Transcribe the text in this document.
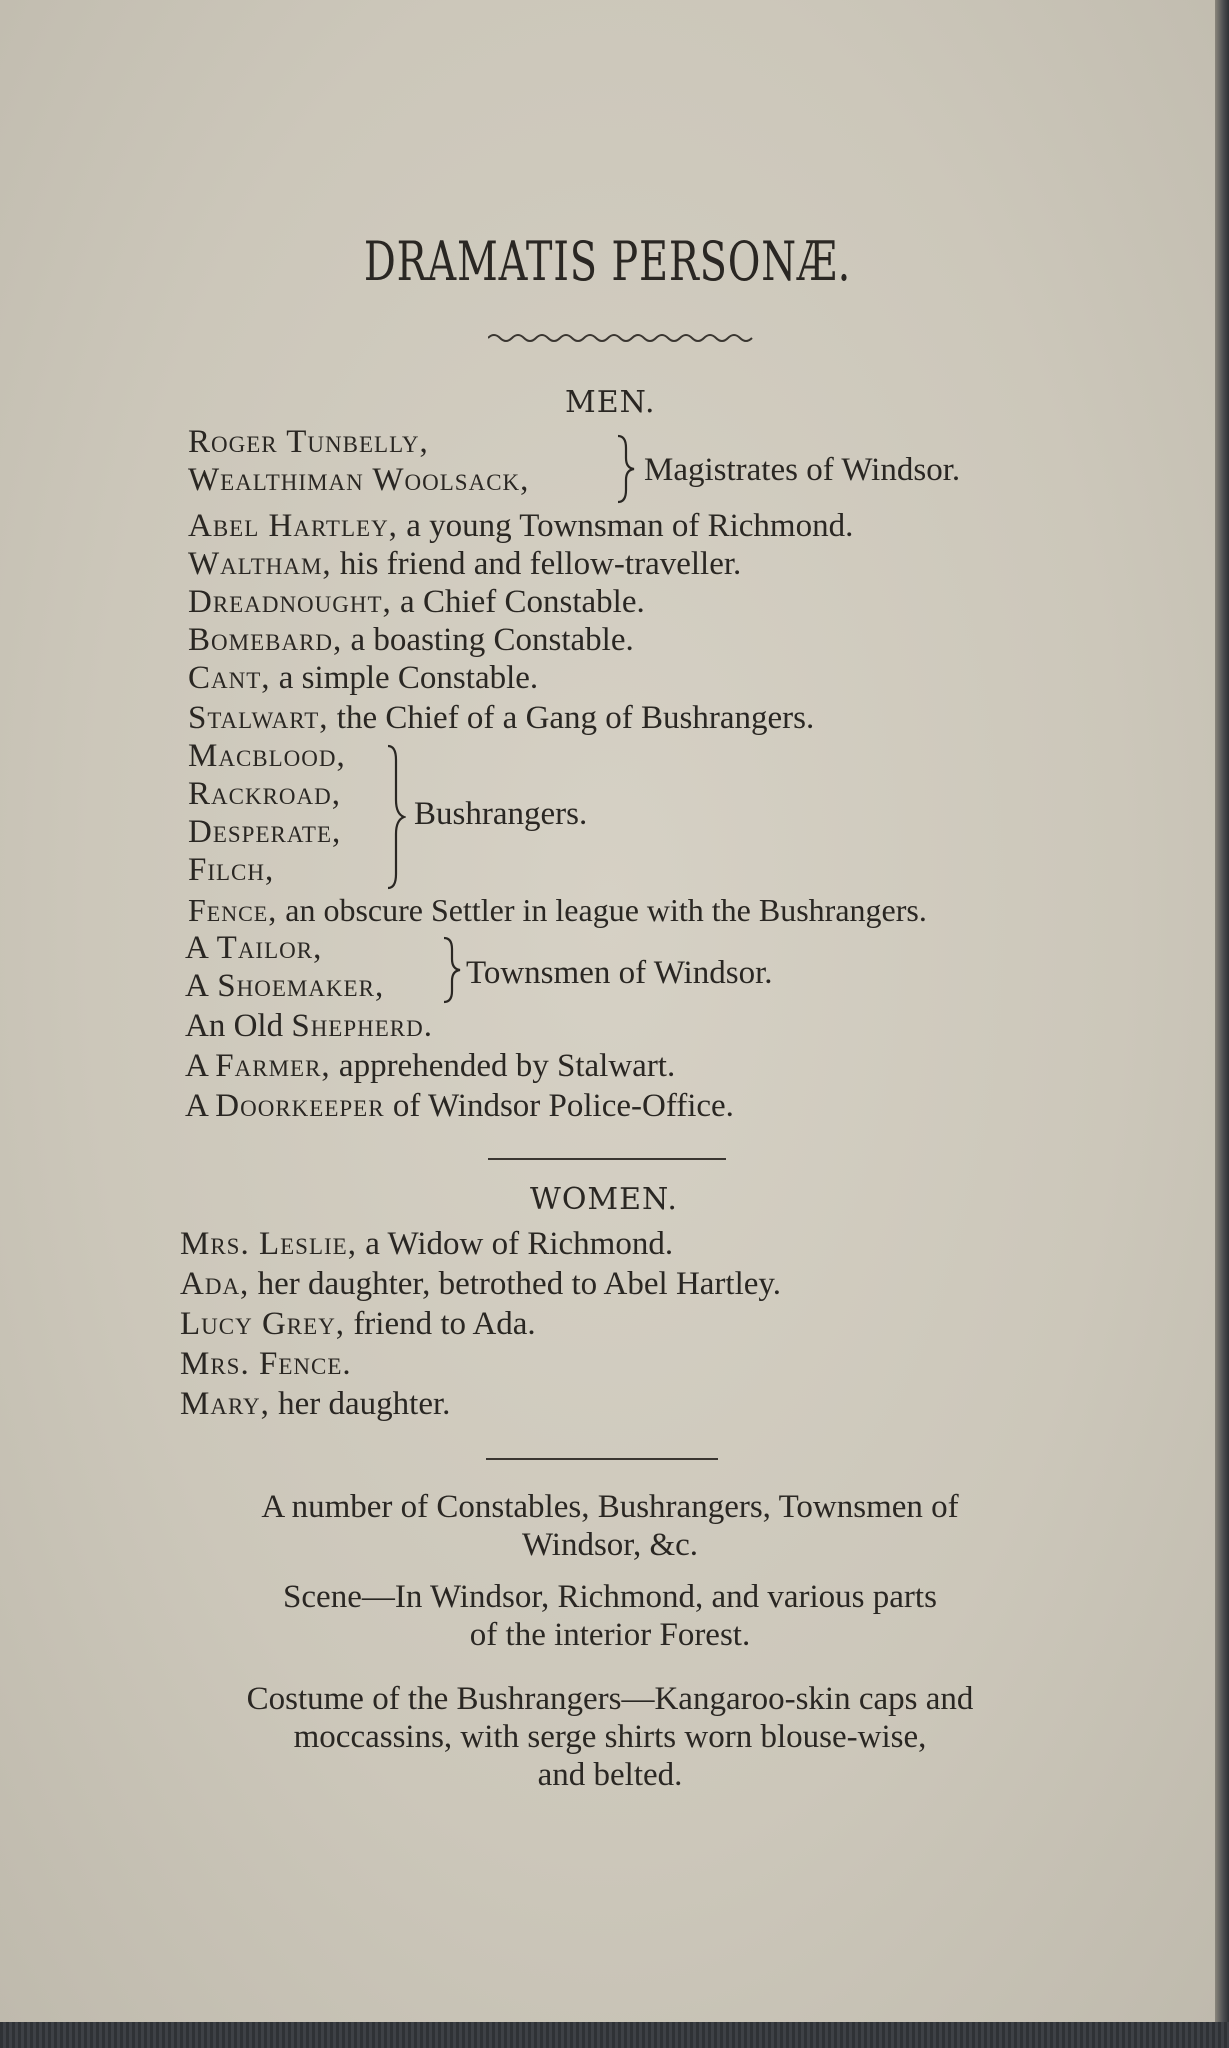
DRAMATIS PERSONÆ.
MEN.
Roger Tunbelly,
Wealthiman Woolsack,	Magistrates of Windsor.
Abel Hartley, a young Townsman of Richmond.
Waltham, his friend and fellow-traveller.
Dreadnought, a Chief Constable.
Bomebard, a boasting Constable.
Cant, a simple Constable.
Stalwart, the Chief of a Gang of Bushrangers.
Macblood,
Rackroad,
Desperate,
Filch,
Bushrangers.
Fence, an obscure Settler in league with the Bushrangers.
A Tailor,
A Shoemaker, Townsmen of Windsor.
An Old Shepherd.
A Farmer, apprehended by Stalwart.
A Doorkeeper of Windsor Police-Office.
WOMEN.
Mrs. Leslie, a Widow of Richmond.
Ada, her daughter, betrothed to Abel Hartley.
Lucy Grey, friend to Ada.
Mrs. Fence.
Mary, her daughter.
A number of Constables, Bushrangers, Townsmen of
Windsor, &c.
Scene—In Windsor, Richmond, and various parts
of the interior Forest.
Costume of the Bushrangers—Kangaroo-skin caps and
moccassins, with serge shirts worn blouse-wise,
and belted.
